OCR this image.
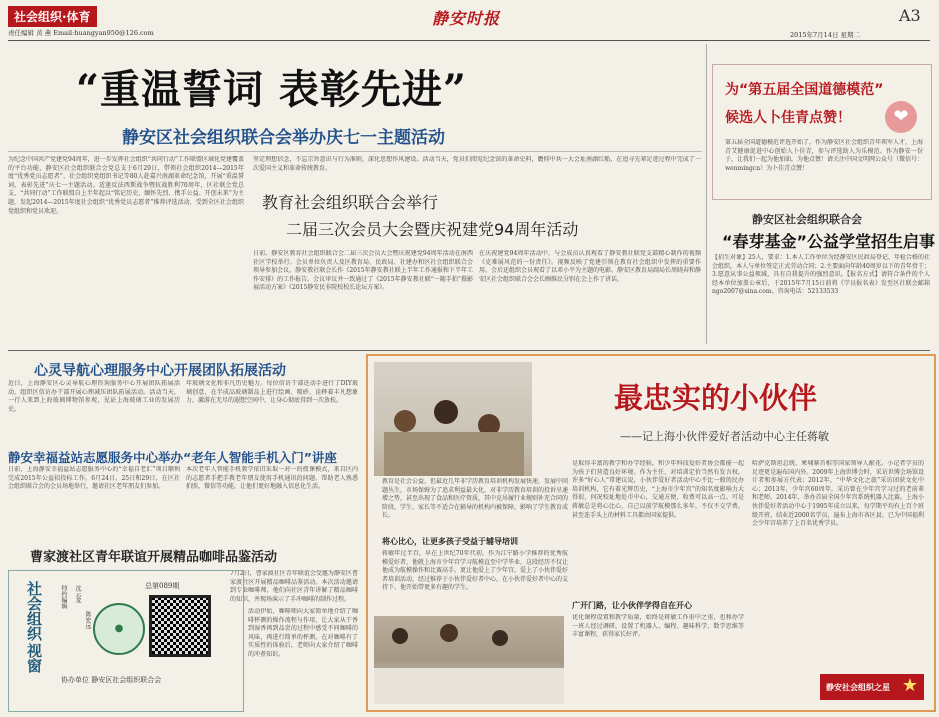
社会组织·体育	静安时报	A3
责任编辑 黄 燕 Email:huangyan950@126.com	2015年7月14日 星期二
“重温誓词 表彰先进”
静安区社会组织联合会举办庆七一主题活动
为纪念中国共产党建党94周年，进一步发挥社会组织“共同行动”工作联盟区域化党建覆盖的平台功能，静安区社会组织联合会党总支于6月29日，带领社会组织2014—2015年度“优秀党员志愿者”、社会组织党组织书记等80人赴嘉兴南湖革命纪念馆，开展“重温誓词，表彰先进”庆七一主题活动。适逢反法西斯战争暨抗战胜利70周年，区社联会党总支、“共同行动”工作联盟自上半年起以“铭记历史、缅怀先烈、携手公益、开创未来”为主题，发起2014—2015年度社会组织“优秀党员志愿者”推荐评选活动，受到全区社会组织党组织和党员欢迎。
坚定理想信念，不忘宗旨意识与行为准则，深化思想作风建设。活动当天，党员们阅览纪念馆的革命史料，瞻仰中共一大会址南湖红船，在追寻先辈足迹过程中完成了一次爱国主义和革命传统教育。
教育社会组织联合会举行
二届三次会员大会暨庆祝建党94周年活动
日前，静安区教育社会组织联合会二届三次会员大会暨庆祝建党94周年活动在南西社区学校举行。会员单位负责人及区教育局、民政局、社建办和区社会组织联合会领导参加会议。静安教社联会长作《2015年静安教社联上半年工作通报和下半年工作安排》的工作报告。会议审议并一致通过了《2015年静安教社联“一随手拍”摄影展活动方案》《2015静安民非院校校长论坛方案》。
在庆祝建党94周年活动中，与会成员认真观看了静安教社联党支部精心制作的视频《克难展风范的一份责任》。视频反映了党建引领在教育社会组织中发挥的重要作用。会后还组织会员观看了以邓小平为主题的电影。静安区教育局副局长周晓春和静安区社会组织联合会会长顾维民分别在会上作了讲话。
为“第五届全国道德模范”
候选人卜佳青点赞！	❤
第五届全国道德模范评选开始了，作为静安区社会组织青年领军人才，上海青艾健康促进中心创始人卜佳青，参与评选助人为乐模范。作为静安一份子，让我们一起为他加油，为他点赞！请关注中国文明网公众号（微信号：wenmingcn）为卜佳青点赞！
静安区社会组织联合会
“春芽基金”公益学堂招生启事
【招生对象】25人，要求：1.本人工作单位为经静安区民政局登记、年检合格的社会组织，本人与单位签定正式劳动合同；2.主要面向年龄40周岁以下的青年骨干；3.愿意从事公益领域，具有自我提升的强烈意识。【报名方式】请符合条件的个人经本单位加盖公章后，于2015年7月15日前将《学员报名表》发至区社联会邮箱ngo2007@sina.com。咨询电话：52133533
心灵导航心理服务中心开展团队拓展活动
近日，上海静安区心灵导航心理咨询服务中心开展团队拓展活动，组织区信访办干部开展心理减压团队拓展活动。活动当天，一行人来到上海玻璃博物馆参观，见证上海玻璃工业的发展历史。
年玻璃文化和非凡历史魅力。每位信访干部还动手进行了DIY玻璃创意，在半成品玻璃制品上进行绘画、喷砂，诠释着丰凡想象力，激游在无尽的遐想空间中，让身心彻底得到一次放松。
静安幸福益站志愿服务中心举办“老年人智能手机入门”讲座
日前，上海静安幸福益站志愿服务中心的“幸福自老汇”项目顺利完成2015年公益招投标工作。6月24日、25日和29日，在区社会组织联合会的会员场地举行，邀请社区老年朋友们参加。
本次老年人智能手机教学依旧采取一对一的授课模式，来自区内的志愿者手把手教老年朋友使用手机通讯的问题，帮助老人熟悉拍照、微信等功能，让他们更好地融入信息化生活。
曹家渡社区青年联谊开展精品咖啡品鉴活动
7月2日，曹家渡社区青年联谊会受邀为静安区曹家渡社区开展精品咖啡品鉴活动。本次活动邀请到专业咖啡师，他们向社区青年讲解了精品咖啡的知识，并现场演示了手冲咖啡的制作过程。
活动伊始，咖啡师向大家简单地介绍了咖啡杯测的操作流程与作用，让大家从干香到湿香再到品尝的过程中感受不同咖啡的风味，再进行简单的杯测。在对咖啡有了实质性的体验后，老师向大家介绍了咖啡的冲煮知识。
社会组织
视窗
特约编辑 沈云龙
陈宏远	●
总第089期
协办单位 静安区社会组织联合会
最忠实的小伙伴
——记上海小伙伴爱好者活动中心主任蒋敏
教育是社会公益，但最近几年非学历教育培训机构发展快速，发展中问题丛生，市场保姆为了追求利益最大化，对非学历教育培训的投诉呈递增之势，甚至出现了食品和医疗资质，其中克吊履行业规则补充合同的阶段，学生、家长等不适合在辅导的机构内被保障，影响了学生教育成长。
将心比心，让更多孩子受益于辅导培训
蒋敏年过半百，早在上世纪70年代初，作为江宁路小学推荐的优秀航模爱好者，他就上海市少年宫学习航模直至中学毕业，这段经历不仅让他成为航模操作和比赛高手，更让他爱上了少年宫，爱上了小伙伴爱好者培训活动，经过推荐于小伙伴爱好者中心，在小伙伴爱好者中心的支持下，他开始带更多有趣的学生。
是取得丰富的教学和办学经验，和少年科技爱好者协会都能一起为孩子们营造良好环境。作为主任，对培训定价当然有发言权，许多“好心人”常建议说，小伙伴爱好者活动中心不比一般的民办培训机构，它有着光辉历史，“上海市少年宫”的知名度影响力大得很，何况校址地处市中心，交通方便，收费可以高一点。可是蒋敏总是将心比心，自己以前学航模那么多年，不仅不交学费，甚至连手头上的材料工具都由国家提供。
广开门路，让小伙伴学得自在开心
优化课程设置和教学质量，始终是蒋敏工作重中之重，也和办学一班人经过调研，设置了机器人、编程、趣味科学、数学思维等丰富课程，获得家长好评。
哈萨克斯坦总统、柬埔寨首相等国家领导人献花。小记者学员的足迹更是遍布国内外。2009年上海世博会时，采访世博会场馆设计者和参展方代表；2012年，“中华文化之旅”采访团获文化中心；2013年，少年宫60周年，采访曾在少年宫学习过的老前辈和老师。2014年，举办首届全国少年宫系统机器人比赛。上海小伙伴爱好者活动中心于1995年成立以来，每学期平均有上百个班级开班，结业近2000名学员，遍布上海市各区县，已为中国福利会少年宫培养了上百名优秀学员。
静安社会组织之星 ★
